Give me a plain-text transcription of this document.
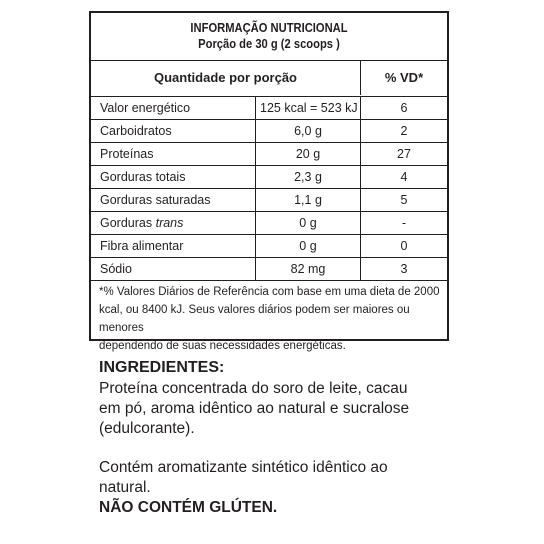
INFORMAÇÃO NUTRICIONAL
Porção de 30 g (2 scoops )
Quantidade por porção	% VD*
Valor energético	125 kcal = 523 kJ	6
Carboidratos	6,0 g	2
Proteínas	20 g	27
Gorduras totais	2,3 g	4
Gorduras saturadas	1,1 g	5
Gorduras trans	0 g	-
Fibra alimentar	0 g	0
Sódio	82 mg	3
*% Valores Diários de Referência com base em uma dieta de 2000
kcal, ou 8400 kJ. Seus valores diários podem ser maiores ou menores
dependendo de suas necessidades energéticas.
INGREDIENTES:
Proteína concentrada do soro de leite, cacau
em pó, aroma idêntico ao natural e sucralose
(edulcorante).
Contém aromatizante sintético idêntico ao
natural.
NÃO CONTÉM GLÚTEN.
